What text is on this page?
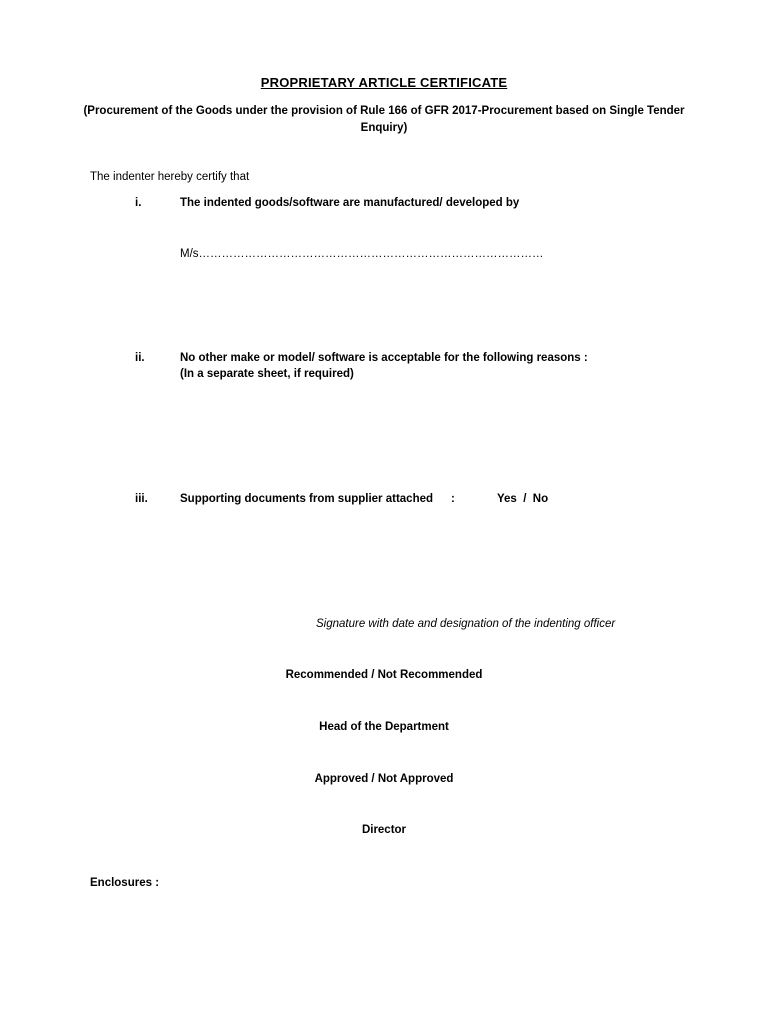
PROPRIETARY ARTICLE CERTIFICATE
(Procurement of the Goods under the provision of Rule 166 of GFR 2017-Procurement based on Single Tender Enquiry)
The indenter hereby certify that
i.	The indented goods/software are manufactured/ developed by
M/s………………………………………………………………………………
ii.	No other make or model/ software is acceptable for the following reasons :
(In a separate sheet, if required)
iii.	Supporting documents from supplier attached :	Yes  /  No
Signature with date and designation of the indenting officer
Recommended / Not Recommended
Head of the Department
Approved / Not Approved
Director
Enclosures :
